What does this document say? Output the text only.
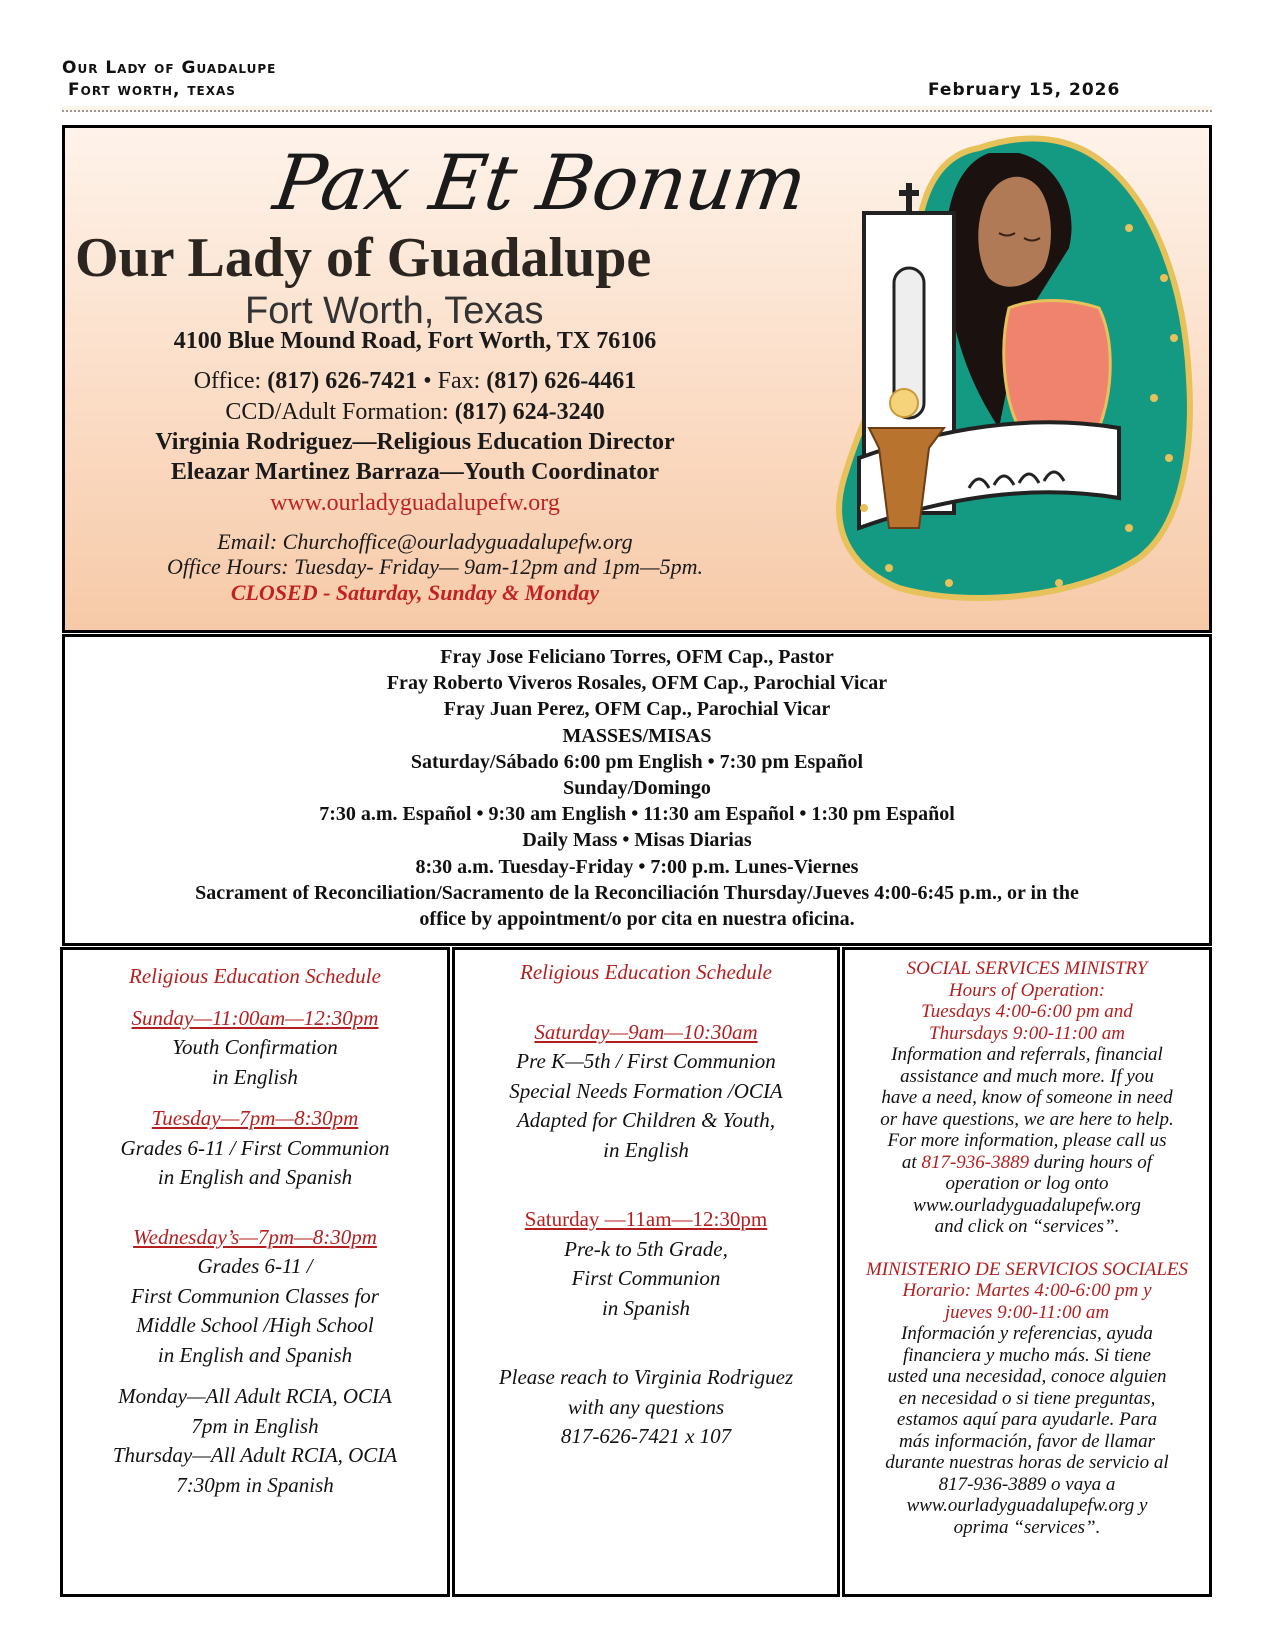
Our Lady of Guadalupe
Fort worth, texas	February 15, 2026
Pax Et Bonum
Our Lady of Guadalupe
Fort Worth, Texas
4100 Blue Mound Road, Fort Worth, TX 76106
Office: (817) 626-7421 • Fax: (817) 626-4461
CCD/Adult Formation: (817) 624-3240
Virginia Rodriguez—Religious Education Director
Eleazar Martinez Barraza—Youth Coordinator
www.ourladyguadalupefw.org
Email: Churchoffice@ourladyguadalupefw.org
Office Hours: Tuesday- Friday— 9am-12pm and 1pm—5pm.
CLOSED - Saturday, Sunday & Monday
Fray Jose Feliciano Torres, OFM Cap., Pastor
Fray Roberto Viveros Rosales, OFM Cap., Parochial Vicar
Fray Juan Perez, OFM Cap., Parochial Vicar
MASSES/MISAS
Saturday/Sábado 6:00 pm English • 7:30 pm Español
Sunday/Domingo
7:30 a.m. Español • 9:30 am English • 11:30 am Español • 1:30 pm Español
Daily Mass • Misas Diarias
8:30 a.m. Tuesday-Friday • 7:00 p.m. Lunes-Viernes
Sacrament of Reconciliation/Sacramento de la Reconciliación Thursday/Jueves 4:00-6:45 p.m., or in the
office by appointment/o por cita en nuestra oficina.

Religious Education Schedule

Sunday—11:00am—12:30pm

Youth Confirmation

in English

Tuesday—7pm—8:30pm

Grades 6-11 / First Communion

in English and Spanish

Wednesday’s—7pm—8:30pm

Grades 6-11 /

First Communion Classes for

Middle School /High School

in English and Spanish

Monday—All Adult RCIA, OCIA

7pm in English

Thursday—All Adult RCIA, OCIA

7:30pm in Spanish

Religious Education Schedule

Saturday—9am—10:30am

Pre K—5th / First Communion

Special Needs Formation /OCIA

Adapted for Children & Youth,

in English

Saturday —11am—12:30pm

Pre-k to 5th Grade,

First Communion

in Spanish

Please reach to Virginia Rodriguez

with any questions

817-626-7421 x 107

SOCIAL SERVICES MINISTRY

Hours of Operation:

Tuesdays 4:00-6:00 pm and

Thursdays 9:00-11:00 am

Information and referrals, financial

assistance and much more. If you

have a need, know of someone in need

or have questions, we are here to help.

For more information, please call us

at 817-936-3889 during hours of

operation or log onto

www.ourladyguadalupefw.org

and click on “services”.

MINISTERIO DE SERVICIOS SOCIALES

Horario: Martes 4:00-6:00 pm y

jueves 9:00-11:00 am

Información y referencias, ayuda

financiera y mucho más. Si tiene

usted una necesidad, conoce alguien

en necesidad o si tiene preguntas,

estamos aquí para ayudarle. Para

más información, favor de llamar

durante nuestras horas de servicio al

817-936-3889 o vaya a

www.ourladyguadalupefw.org y

oprima “services”.
